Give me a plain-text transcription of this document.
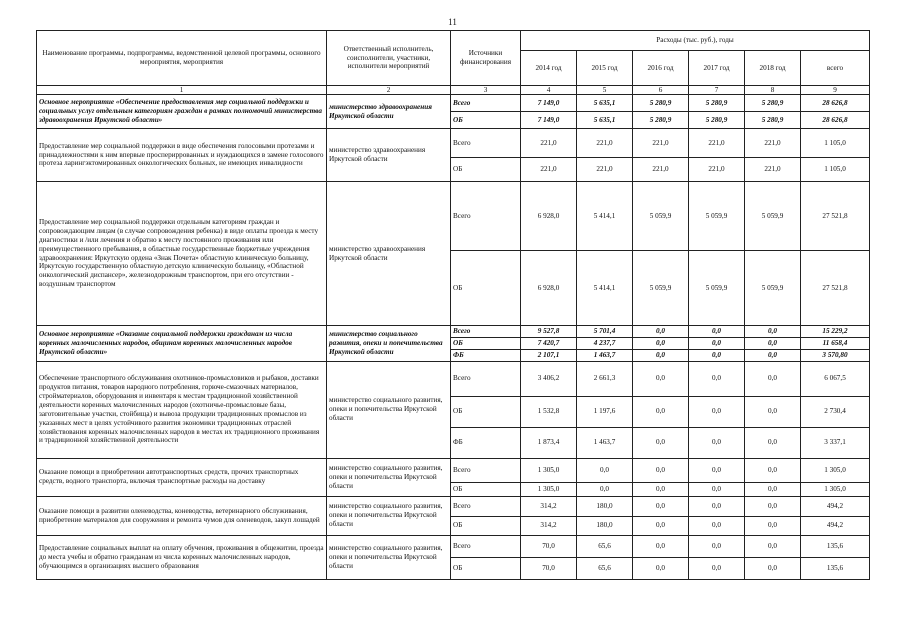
11
Наименование программы, подпрограммы, ведомственной целевой программы, основного мероприятия, мероприятия	Ответственный исполнитель, соисполнители, участники, исполнители мероприятий	Источники финансирования	Расходы (тыс. руб.), годы					
			2014 год	2015 год	2016 год	2017 год	2018 год	всего
1	2	3	4	5	6	7	8	9
Основное мероприятие «Обеспечение предоставления мер социальной поддержки и социальных услуг отдельным категориям граждан в рамках полномочий министерства здравоохранения Иркутской области»	министерство здравоохранения Иркутской области	Всего	7 149,0	5 635,1	5 280,9	5 280,9	5 280,9	28 626,8
		ОБ	7 149,0	5 635,1	5 280,9	5 280,9	5 280,9	28 626,8
Предоставление мер социальной поддержки в виде обеспечения голосовыми протезами и принадлежностями к ним впервые проспериррованных и нуждающихся в замене голосового протеза ларингэктомированных онкологических больных, не имеющих инвалидности	министерство здравоохранения Иркутской области	Всего	221,0	221,0	221,0	221,0	221,0	1 105,0
		ОБ	221,0	221,0	221,0	221,0	221,0	1 105,0
Предоставление мер социальной поддержки отдельным категориям граждан и сопровождающим лицам (в случае сопровождения ребенка) в виде оплаты проезда к месту диагностики и /или лечения и обратно к месту постоянного проживания или преимущественного пребывания, в областные государственные бюджетные учреждения здравоохранения: Иркутскую ордена «Знак Почета» областную клиническую больницу, Иркутскую государственную областную детскую клиническую больницу, «Областной онкологический диспансер», железнодорожным транспортом, при его отсутствии - воздушным транспортом	министерство здравоохранения Иркутской области	Всего	6 928,0	5 414,1	5 059,9	5 059,9	5 059,9	27 521,8
		ОБ	6 928,0	5 414,1	5 059,9	5 059,9	5 059,9	27 521,8
Основное мероприятие «Оказание социальной поддержки гражданам из числа коренных малочисленных народов, общинам коренных малочисленных народов Иркутской области»	министерство социального развития, опеки и попечительства Иркутской области	Всего	9 527,8	5 701,4	0,0	0,0	0,0	15 229,2
		ОБ	7 420,7	4 237,7	0,0	0,0	0,0	11 658,4
		ФБ	2 107,1	1 463,7	0,0	0,0	0,0	3 570,80
Обеспечение транспортного обслуживания охотников-промысловиков и рыбаков, доставки продуктов питания, товаров народного потребления, горюче-смазочных материалов, стройматериалов, оборудования и инвентаря к местам традиционной хозяйственной деятельности коренных малочисленных народов (охотничье-промысловые базы, заготовительные участки, стойбища) и вывоза продукции традиционных промыслов из указанных мест в целях устойчивого развития экономики традиционных отраслей хозяйствования коренных малочисленных народов в местах их традиционного проживания и традиционной хозяйственной деятельности	министерство социального развития, опеки и попечительства Иркутской области	Всего	3 406,2	2 661,3	0,0	0,0	0,0	6 067,5
		ОБ	1 532,8	1 197,6	0,0	0,0	0,0	2 730,4
		ФБ	1 873,4	1 463,7	0,0	0,0	0,0	3 337,1
Оказание помощи в приобретении автотранспортных средств, прочих транспортных средств, водного транспорта, включая транспортные расходы на доставку	министерство социального развития, опеки и попечительства Иркутской области	Всего	1 305,0	0,0	0,0	0,0	0,0	1 305,0
		ОБ	1 305,0	0,0	0,0	0,0	0,0	1 305,0
Оказание помощи в развитии оленеводства, коневодства, ветеринарного обслуживания, приобретение материалов для сооружения и ремонта чумов для оленеводов, закуп лошадей	министерство социального развития, опеки и попечительства Иркутской области	Всего	314,2	180,0	0,0	0,0	0,0	494,2
		ОБ	314,2	180,0	0,0	0,0	0,0	494,2
Предоставление социальных выплат на оплату обучения, проживания в общежитии, проезда до места учебы и обратно гражданам из числа коренных малочисленных народов, обучающимся в организациях высшего образования	министерство социального развития, опеки и попечительства Иркутской области	Всего	70,0	65,6	0,0	0,0	0,0	135,6
		ОБ	70,0	65,6	0,0	0,0	0,0	135,6
